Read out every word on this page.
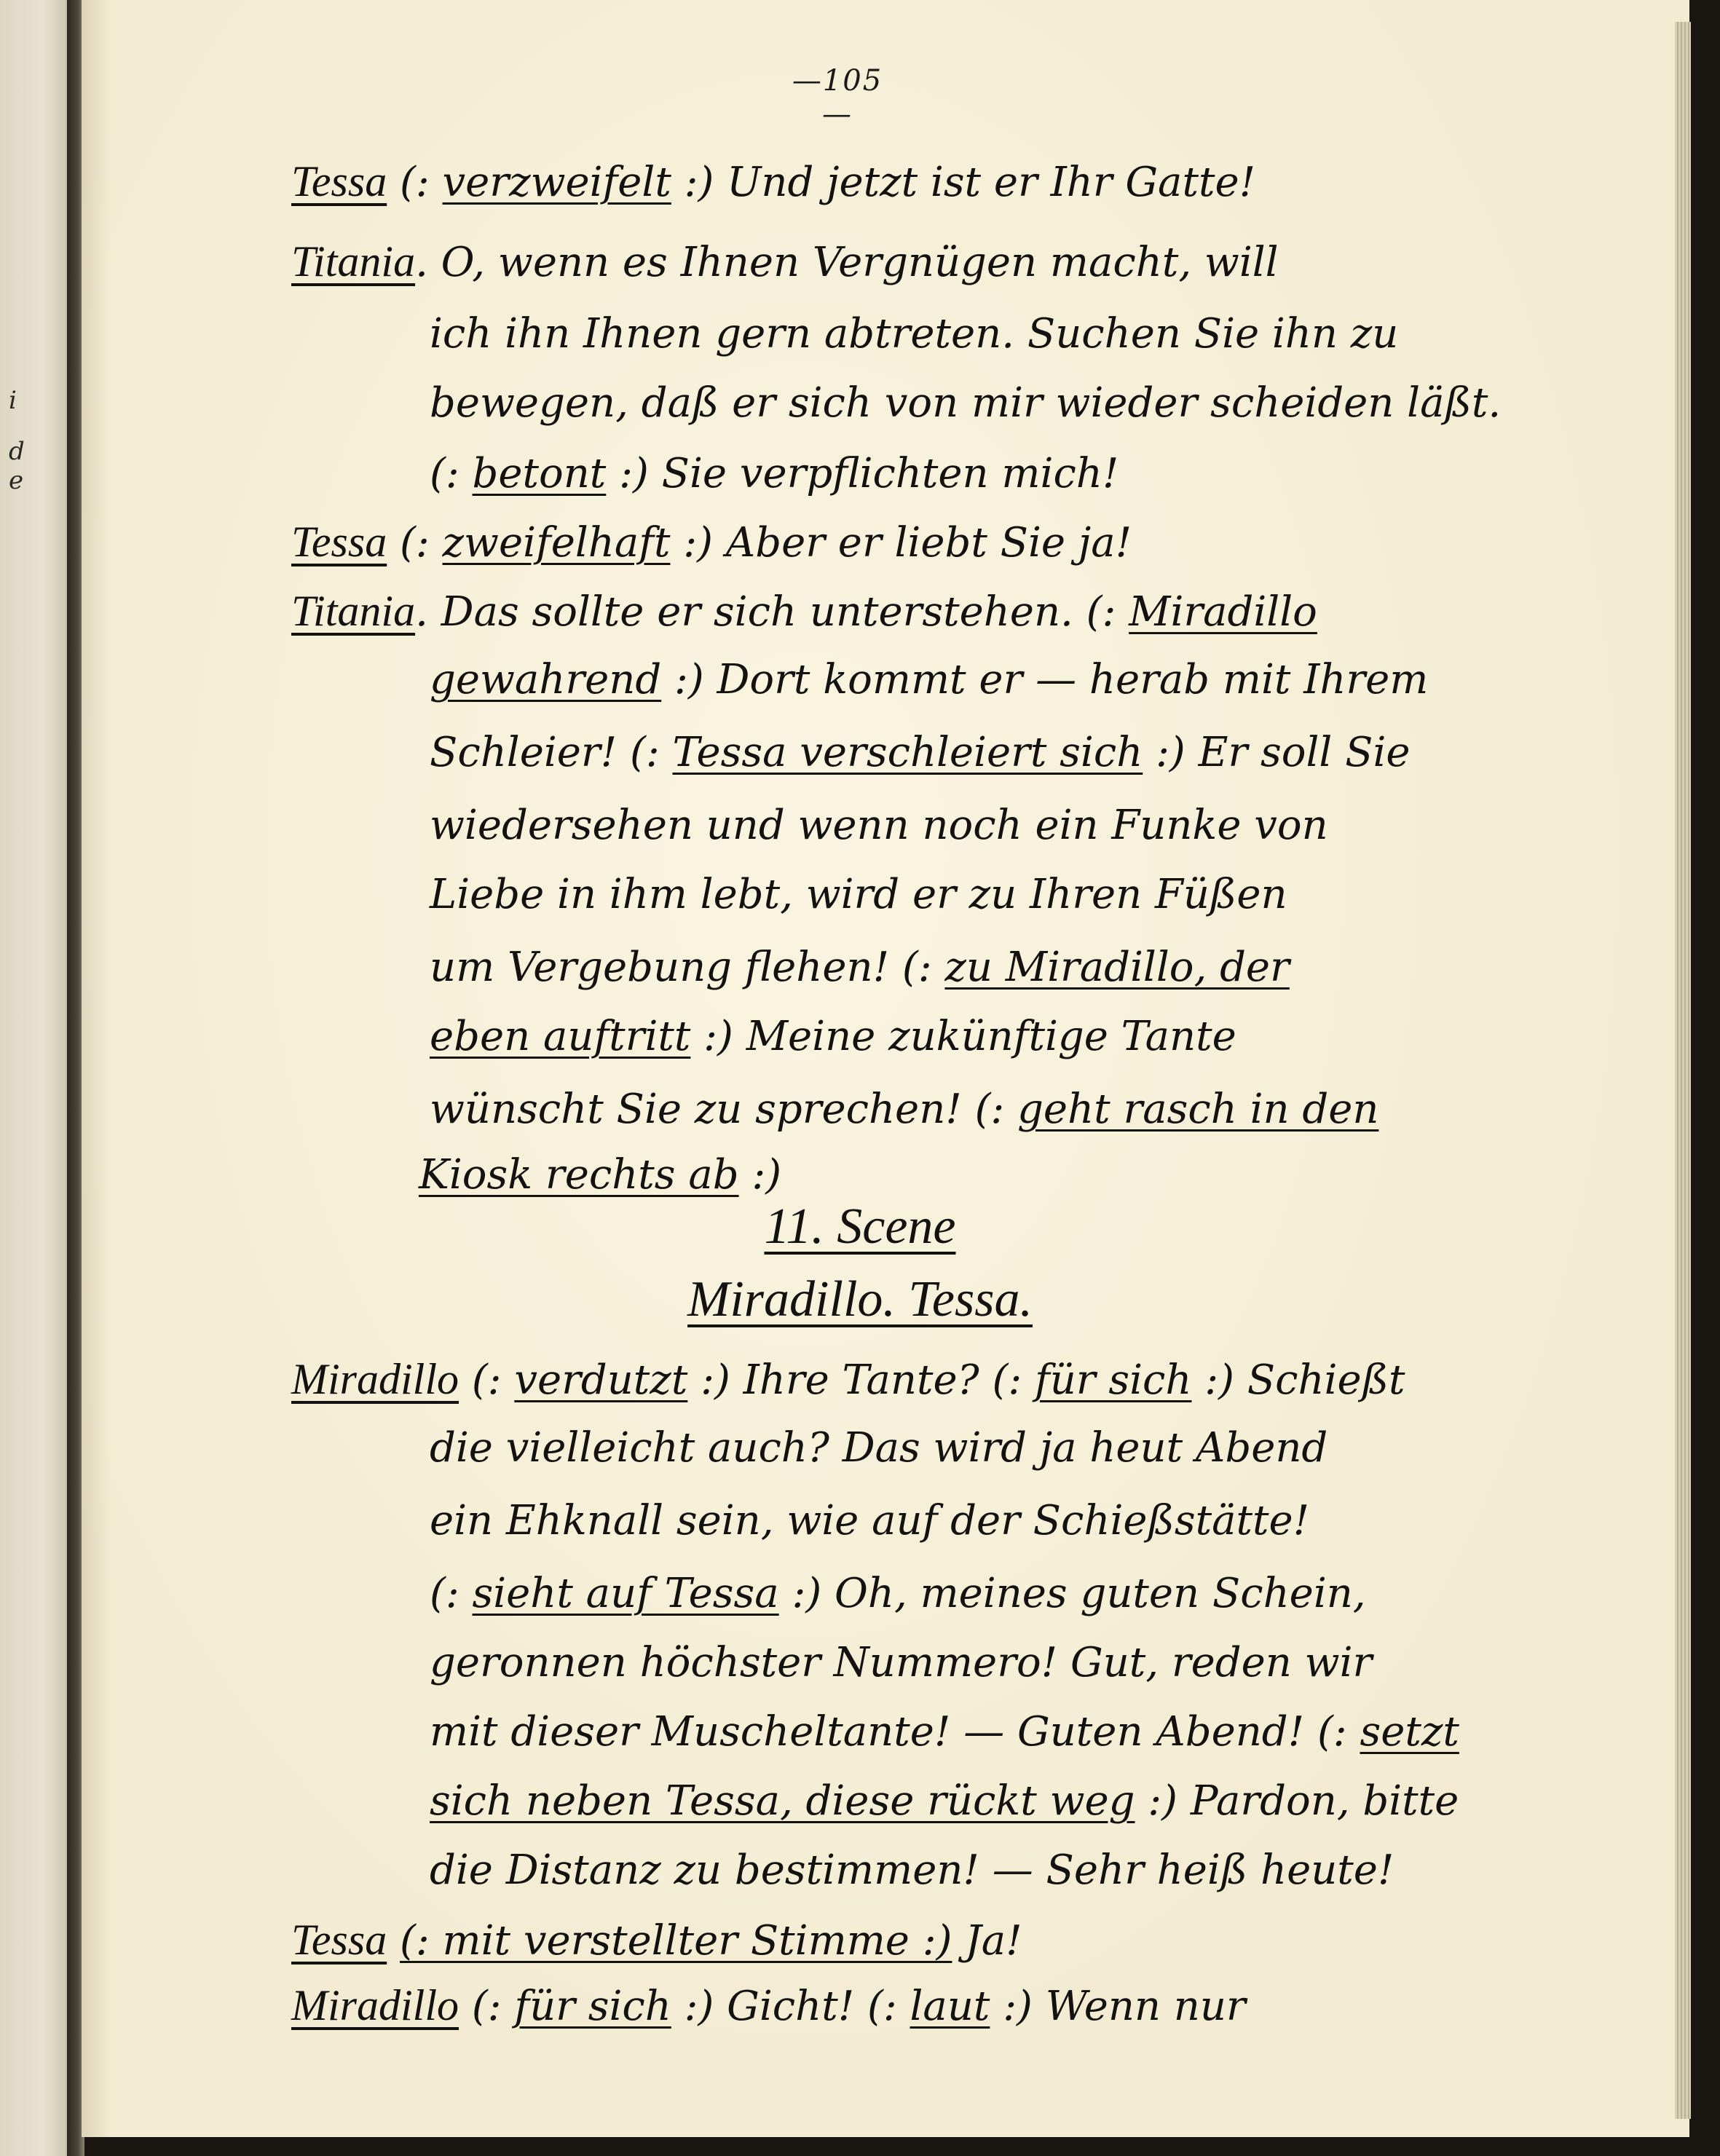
i
d
e
—105—
Tessa (: verzweifelt :) Und jetzt ist er Ihr Gatte!
Titania. O, wenn es Ihnen Vergnügen macht, will
ich ihn Ihnen gern abtreten. Suchen Sie ihn zu
bewegen, daß er sich von mir wieder scheiden läßt.
(: betont :) Sie verpflichten mich!
Tessa (: zweifelhaft :) Aber er liebt Sie ja!
Titania. Das sollte er sich unterstehen. (: Miradillo
gewahrend :) Dort kommt er — herab mit Ihrem
Schleier! (: Tessa verschleiert sich :) Er soll Sie
wiedersehen und wenn noch ein Funke von
Liebe in ihm lebt, wird er zu Ihren Füßen
um Vergebung flehen! (: zu Miradillo, der
eben auftritt :) Meine zukünftige Tante
wünscht Sie zu sprechen! (: geht rasch in den
Kiosk rechts ab :)
11. Scene
Miradillo. Tessa.
Miradillo (: verdutzt :) Ihre Tante? (: für sich :) Schießt
die vielleicht auch? Das wird ja heut Abend
ein Ehknall sein, wie auf der Schießstätte!
(: sieht auf Tessa :) Oh, meines guten Schein,
geronnen höchster Nummero! Gut, reden wir
mit dieser Muscheltante! — Guten Abend! (: setzt
sich neben Tessa, diese rückt weg :) Pardon, bitte
die Distanz zu bestimmen! — Sehr heiß heute!
Tessa (: mit verstellter Stimme :) Ja!
Miradillo (: für sich :) Gicht! (: laut :) Wenn nur
